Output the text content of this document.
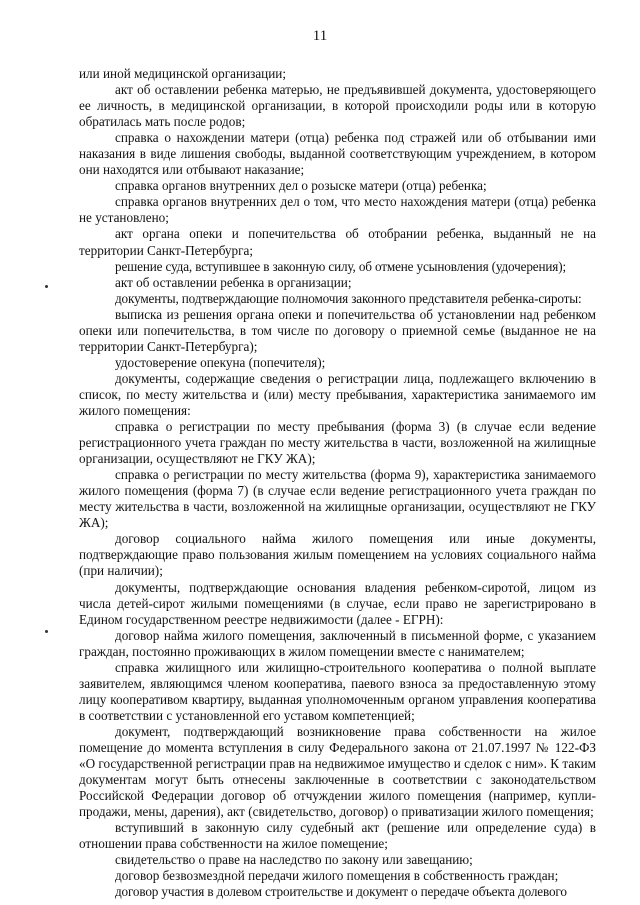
11

или иной медицинской организации;

акт об оставлении ребенка матерью, не предъявившей документа, удостоверяющего ее личность, в медицинской организации, в которой происходили роды или в которую обратилась мать после родов;

справка о нахождении матери (отца) ребенка под стражей или об отбывании ими наказания в виде лишения свободы, выданной соответствующим учреждением, в котором они находятся или отбывают наказание;

справка органов внутренних дел о розыске матери (отца) ребенка;

справка органов внутренних дел о том, что место нахождения матери (отца) ребенка не установлено;

акт органа опеки и попечительства об отобрании ребенка, выданный не на территории Санкт-Петербурга;

решение суда, вступившее в законную силу, об отмене усыновления (удочерения);

акт об оставлении ребенка в организации;

документы, подтверждающие полномочия законного представителя ребенка-сироты:

выписка из решения органа опеки и попечительства об установлении над ребенком опеки или попечительства, в том числе по договору о приемной семье (выданное не на территории Санкт-Петербурга);

удостоверение опекуна (попечителя);

документы, содержащие сведения о регистрации лица, подлежащего включению в список, по месту жительства и (или) месту пребывания, характеристика занимаемого им жилого помещения:

справка о регистрации по месту пребывания (форма 3) (в случае если ведение регистрационного учета граждан по месту жительства в части, возложенной на жилищные организации, осуществляют не ГКУ ЖА);

справка о регистрации по месту жительства (форма 9), характеристика занимаемого жилого помещения (форма 7) (в случае если ведение регистрационного учета граждан по месту жительства в части, возложенной на жилищные организации, осуществляют не ГКУ ЖА);

договор социального найма жилого помещения или иные документы, подтверждающие право пользования жилым помещением на условиях социального найма (при наличии);

документы, подтверждающие основания владения ребенком-сиротой, лицом из числа детей-сирот жилыми помещениями (в случае, если право не зарегистрировано в Едином государственном реестре недвижимости (далее - ЕГРН):

договор найма жилого помещения, заключенный в письменной форме, с указанием граждан, постоянно проживающих в жилом помещении вместе с нанимателем;

справка жилищного или жилищно-строительного кооператива о полной выплате заявителем, являющимся членом кооператива, паевого взноса за предоставленную этому лицу кооперативом квартиру, выданная уполномоченным органом управления кооператива в соответствии с установленной его уставом компетенцией;

документ, подтверждающий возникновение права собственности на жилое помещение до момента вступления в силу Федерального закона от 21.07.1997 № 122-ФЗ «О государственной регистрации прав на недвижимое имущество и сделок с ним». К таким документам могут быть отнесены заключенные в соответствии с законодательством Российской Федерации договор об отчуждении жилого помещения (например, купли-продажи, мены, дарения), акт (свидетельство, договор) о приватизации жилого помещения;

вступивший в законную силу судебный акт (решение или определение суда) в отношении права собственности на жилое помещение;

свидетельство о праве на наследство по закону или завещанию;

договор безвозмездной передачи жилого помещения в собственность граждан;

договор участия в долевом строительстве и документ о передаче объекта долевого
